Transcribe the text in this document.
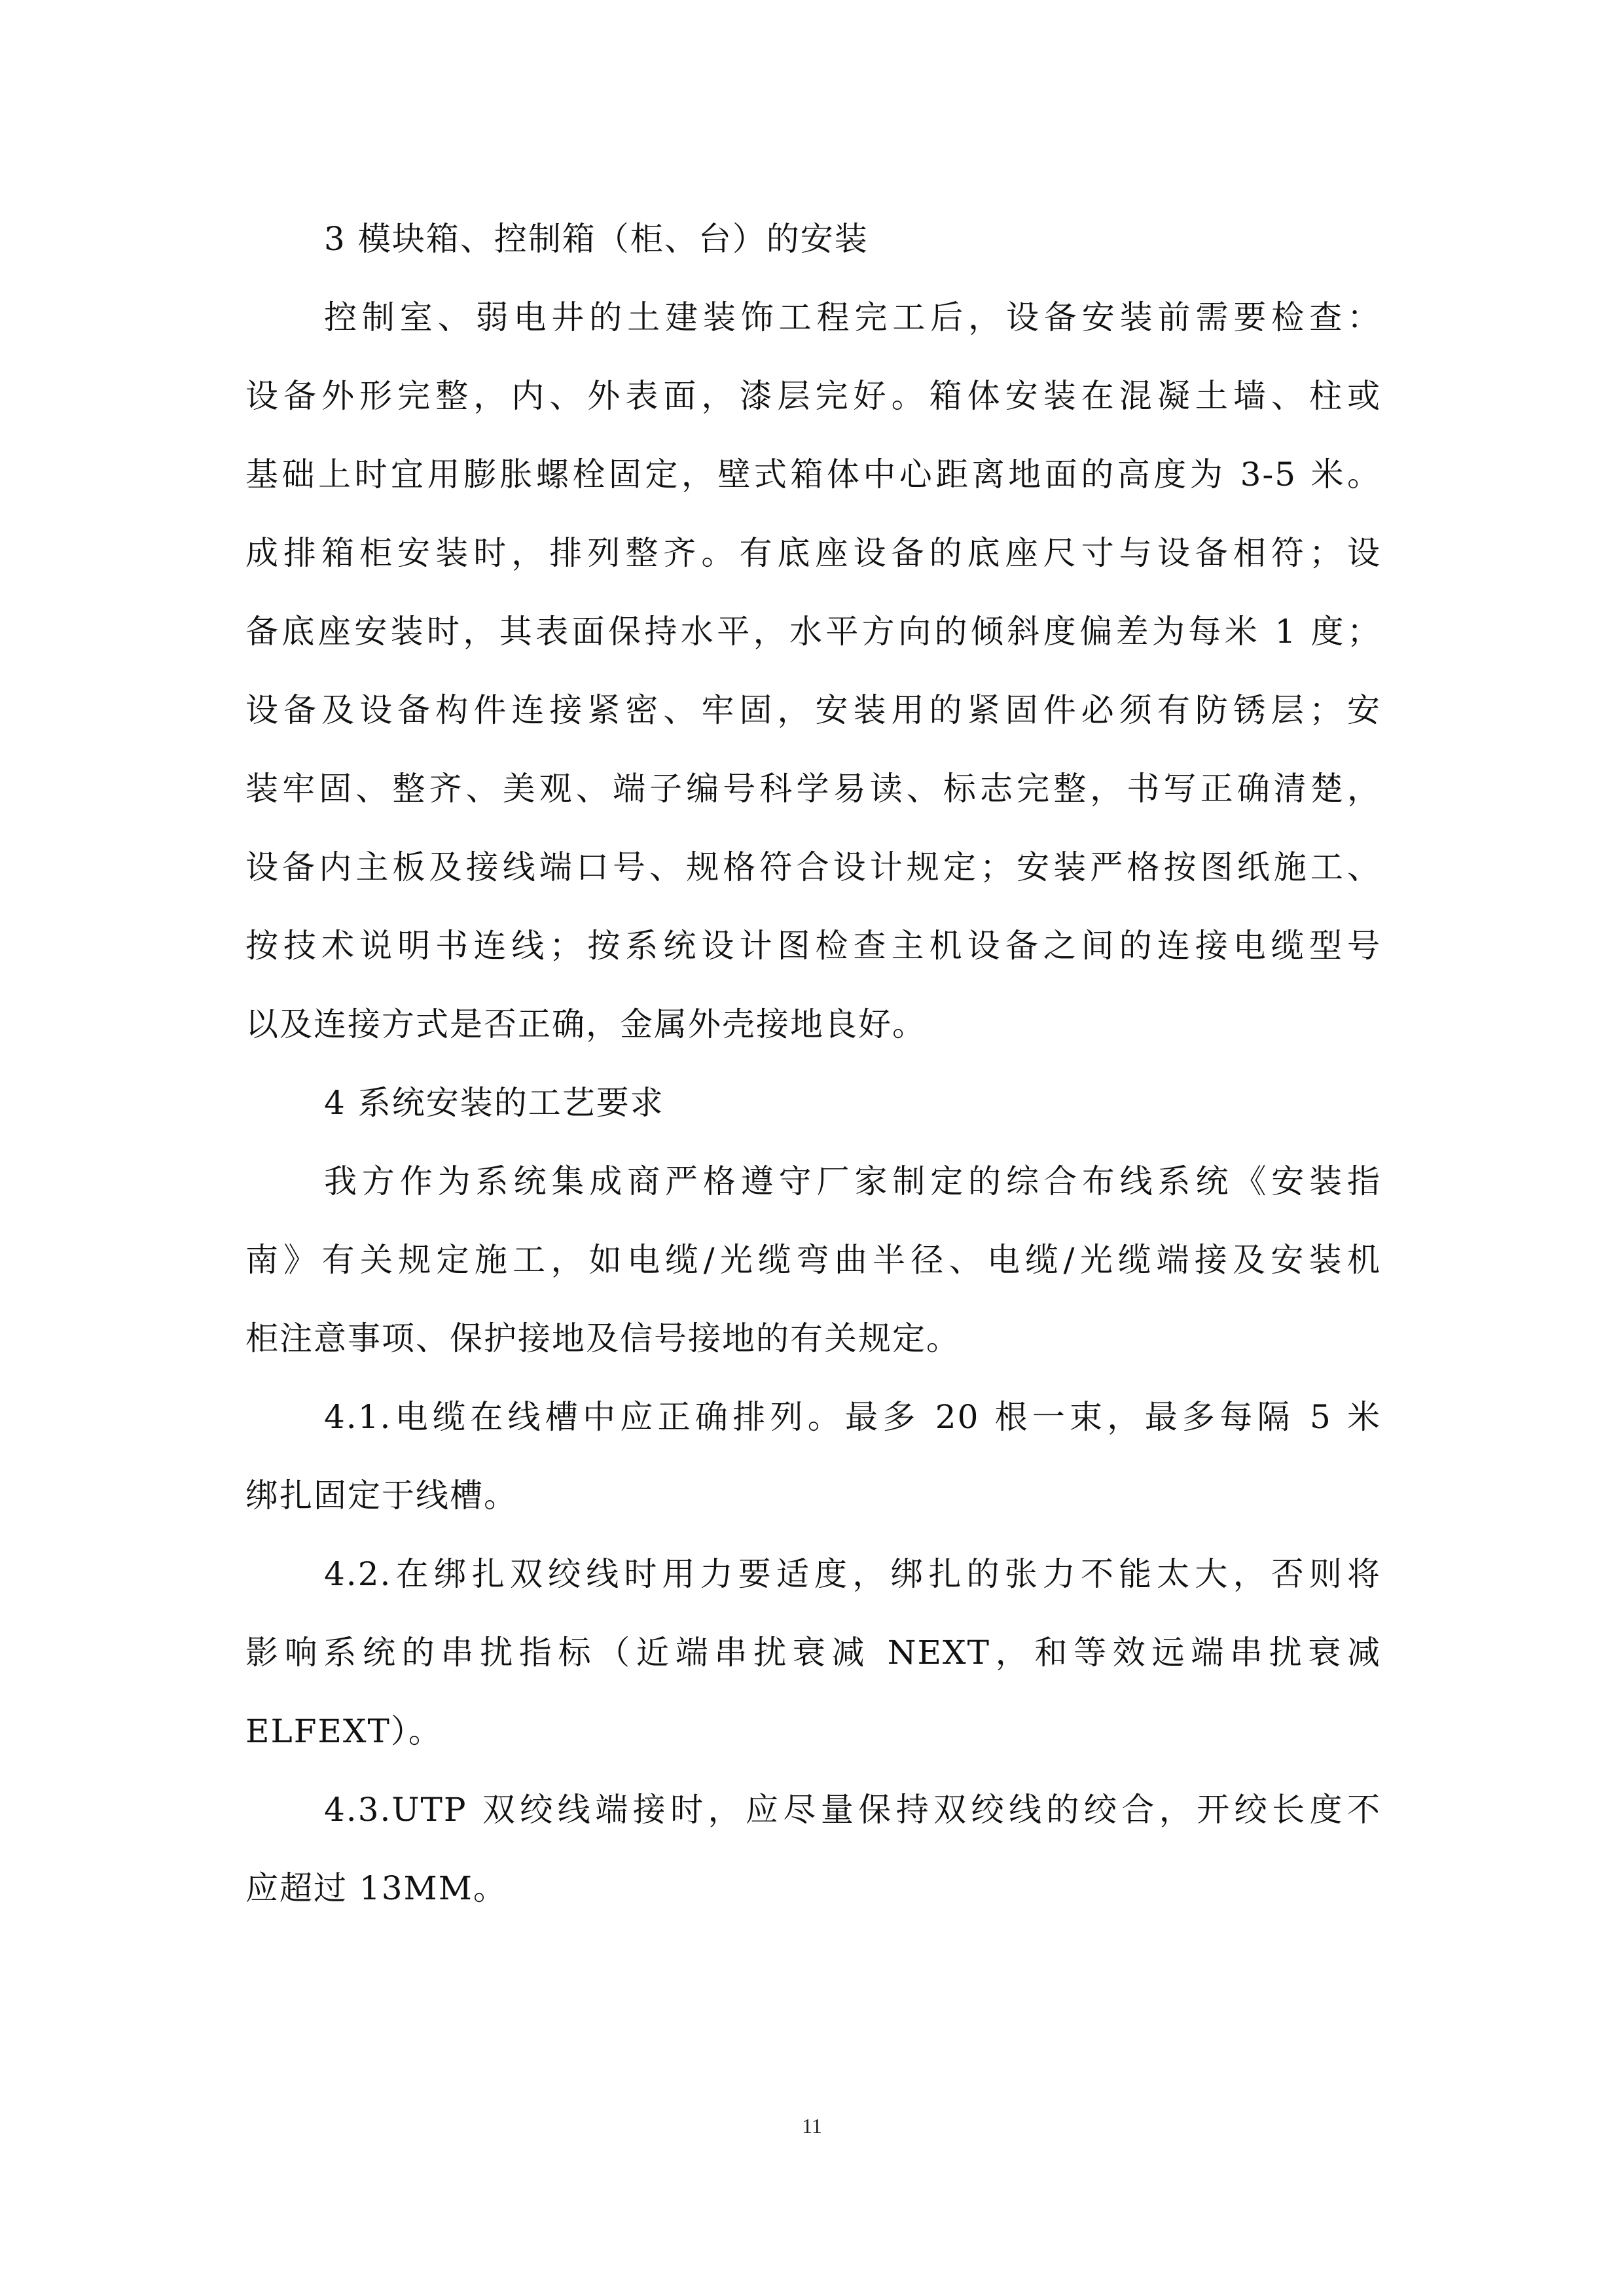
3 模块箱、控制箱（柜、台）的安装
控制室、弱电井的土建装饰工程完工后，设备安装前需要检查：
设备外形完整，内、外表面，漆层完好。箱体安装在混凝土墙、柱或
基础上时宜用膨胀螺栓固定，壁式箱体中心距离地面的高度为 3-5 米。
成排箱柜安装时，排列整齐。有底座设备的底座尺寸与设备相符；设
备底座安装时，其表面保持水平，水平方向的倾斜度偏差为每米 1 度；
设备及设备构件连接紧密、牢固，安装用的紧固件必须有防锈层；安
装牢固、整齐、美观、端子编号科学易读、标志完整，书写正确清楚，
设备内主板及接线端口号、规格符合设计规定；安装严格按图纸施工、
按技术说明书连线；按系统设计图检查主机设备之间的连接电缆型号
以及连接方式是否正确，金属外壳接地良好。
4 系统安装的工艺要求
我方作为系统集成商严格遵守厂家制定的综合布线系统《安装指
南》有关规定施工，如电缆/光缆弯曲半径、电缆/光缆端接及安装机
柜注意事项、保护接地及信号接地的有关规定。
4.1.电缆在线槽中应正确排列。最多 20 根一束，最多每隔 5 米
绑扎固定于线槽。
4.2.在绑扎双绞线时用力要适度，绑扎的张力不能太大，否则将
影响系统的串扰指标（近端串扰衰减 NEXT，和等效远端串扰衰减
ELFEXT）。
4.3.UTP 双绞线端接时，应尽量保持双绞线的绞合，开绞长度不
应超过 13MM。
11
